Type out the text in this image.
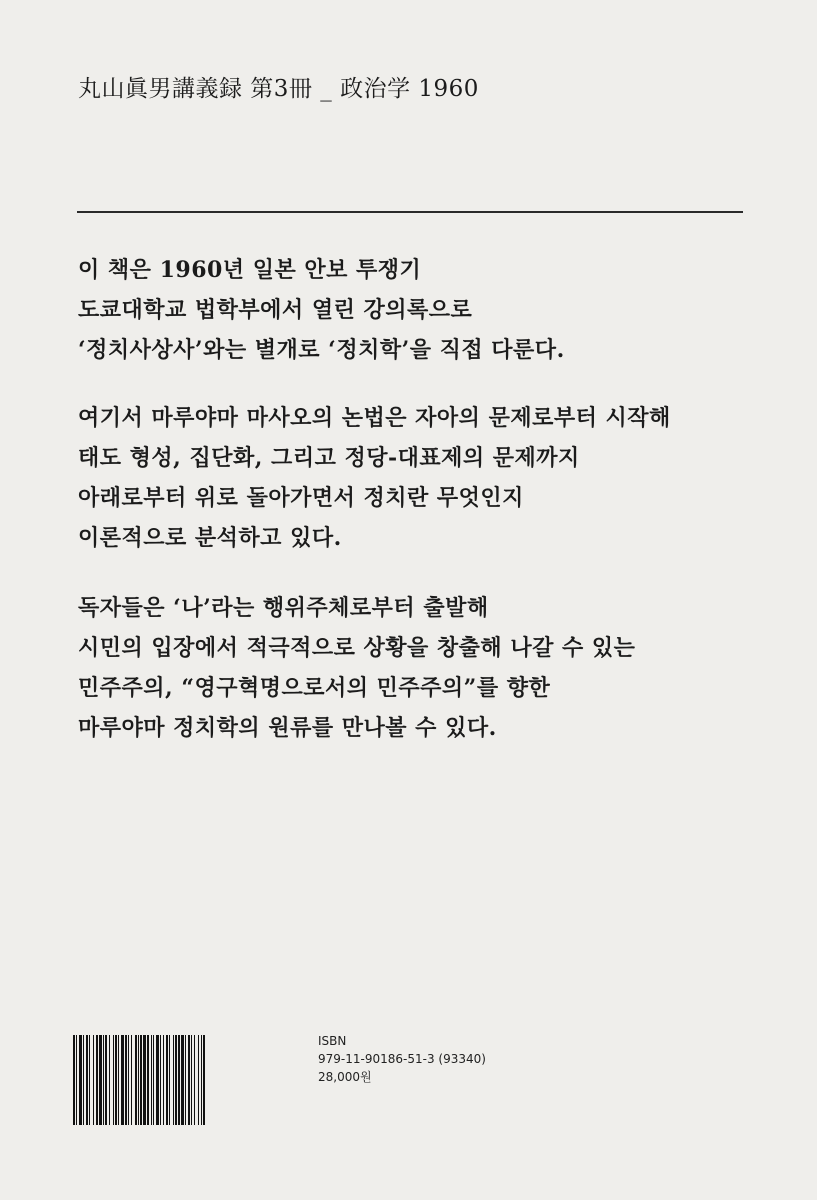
丸山眞男講義録 第3冊 _ 政治学 1960
이 책은 1960년 일본 안보 투쟁기
도쿄대학교 법학부에서 열린 강의록으로
‘정치사상사’와는 별개로 ‘정치학’을 직접 다룬다.
여기서 마루야마 마사오의 논법은 자아의 문제로부터 시작해
태도 형성, 집단화, 그리고 정당-대표제의 문제까지
아래로부터 위로 돌아가면서 정치란 무엇인지
이론적으로 분석하고 있다.
독자들은 ‘나’라는 행위주체로부터 출발해
시민의 입장에서 적극적으로 상황을 창출해 나갈 수 있는
민주주의, “영구혁명으로서의 민주주의”를 향한
마루야마 정치학의 원류를 만나볼 수 있다.
ISBN
979-11-90186-51-3 (93340)
28,000원
